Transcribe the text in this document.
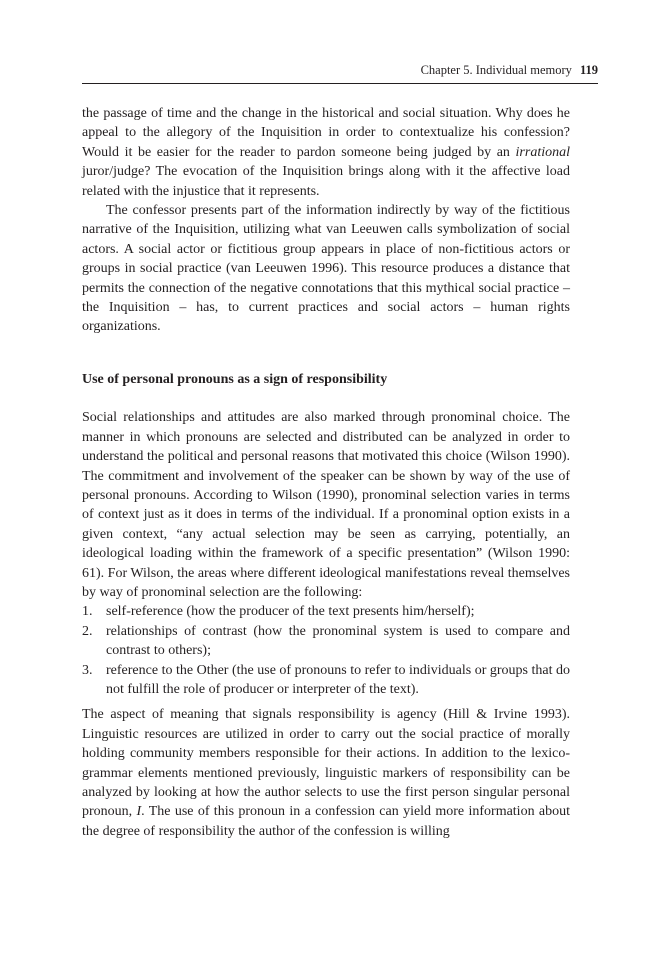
Chapter 5. Individual memory 119

the passage of time and the change in the historical and social situation. Why does he appeal to the allegory of the Inquisition in order to contextualize his confession? Would it be easier for the reader to pardon someone being judged by an irrational juror/judge? The evocation of the Inquisition brings along with it the affective load related with the injustice that it represents.

The confessor presents part of the information indirectly by way of the fictitious narrative of the Inquisition, utilizing what van Leeuwen calls symbolization of social actors. A social actor or fictitious group appears in place of non-fictitious actors or groups in social practice (van Leeuwen 1996). This resource produces a distance that permits the connection of the negative connotations that this mythical social practice – the Inquisition – has, to current practices and social actors – human rights organizations.

Use of personal pronouns as a sign of responsibility

Social relationships and attitudes are also marked through pronominal choice. The manner in which pronouns are selected and distributed can be analyzed in order to understand the political and personal reasons that motivated this choice (Wilson 1990). The commitment and involvement of the speaker can be shown by way of the use of personal pronouns. According to Wilson (1990), pronominal selection varies in terms of context just as it does in terms of the individual. If a pronominal option exists in a given context, “any actual selection may be seen as carrying, potentially, an ideological loading within the framework of a specific presentation” (Wilson 1990: 61). For Wilson, the areas where different ideological manifestations reveal themselves by way of pronominal selection are the following:

1. self-reference (how the producer of the text presents him/herself);
2. relationships of contrast (how the pronominal system is used to compare and contrast to others);
3. reference to the Other (the use of pronouns to refer to individuals or groups that do not fulfill the role of producer or interpreter of the text).

The aspect of meaning that signals responsibility is agency (Hill & Irvine 1993). Linguistic resources are utilized in order to carry out the social practice of morally holding community members responsible for their actions. In addition to the lexico-grammar elements mentioned previously, linguistic markers of responsibility can be analyzed by looking at how the author selects to use the first person singular personal pronoun, I. The use of this pronoun in a confession can yield more information about the degree of responsibility the author of the confession is willing
